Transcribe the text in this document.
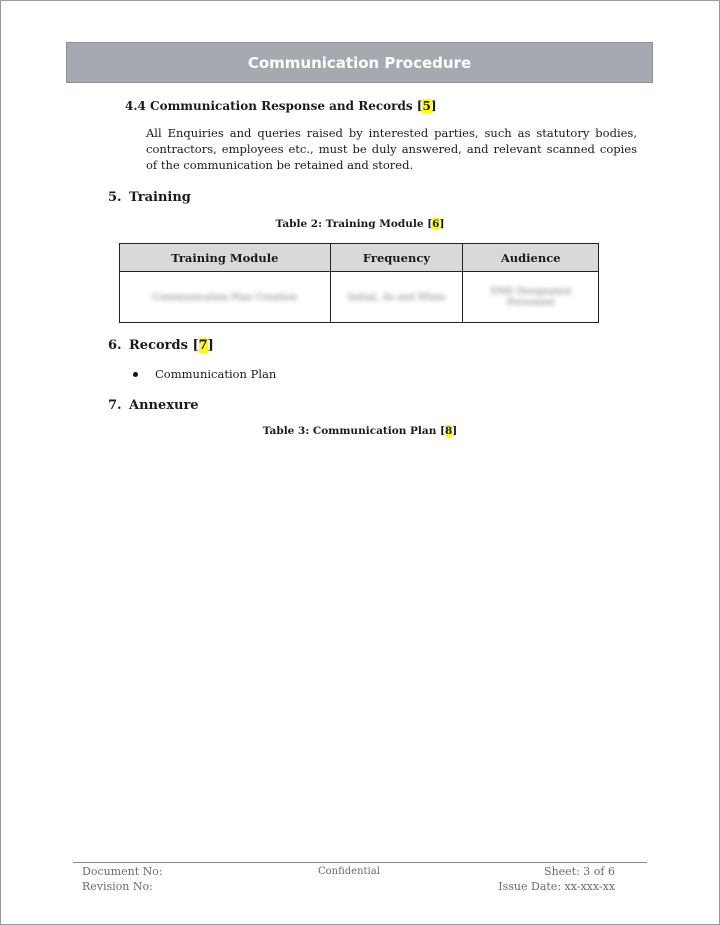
Communication Procedure
4.4 Communication Response and Records [5]

All Enquiries and queries raised by interested parties, such as statutory bodies, contractors, employees etc., must be duly answered, and relevant scanned copies of the communication be retained and stored.

5. Training
Table 2: Training Module [6]
Training Module	Frequency	Audience
Communication Plan Creation	Initial, As and When	EMS Designated Personnel
6. Records [7]
Communication Plan
7. Annexure
Table 3: Communication Plan [8]
Document No:
Revision No:
Confidential	Sheet: 3 of 6
Issue Date: xx-xxx-xx
